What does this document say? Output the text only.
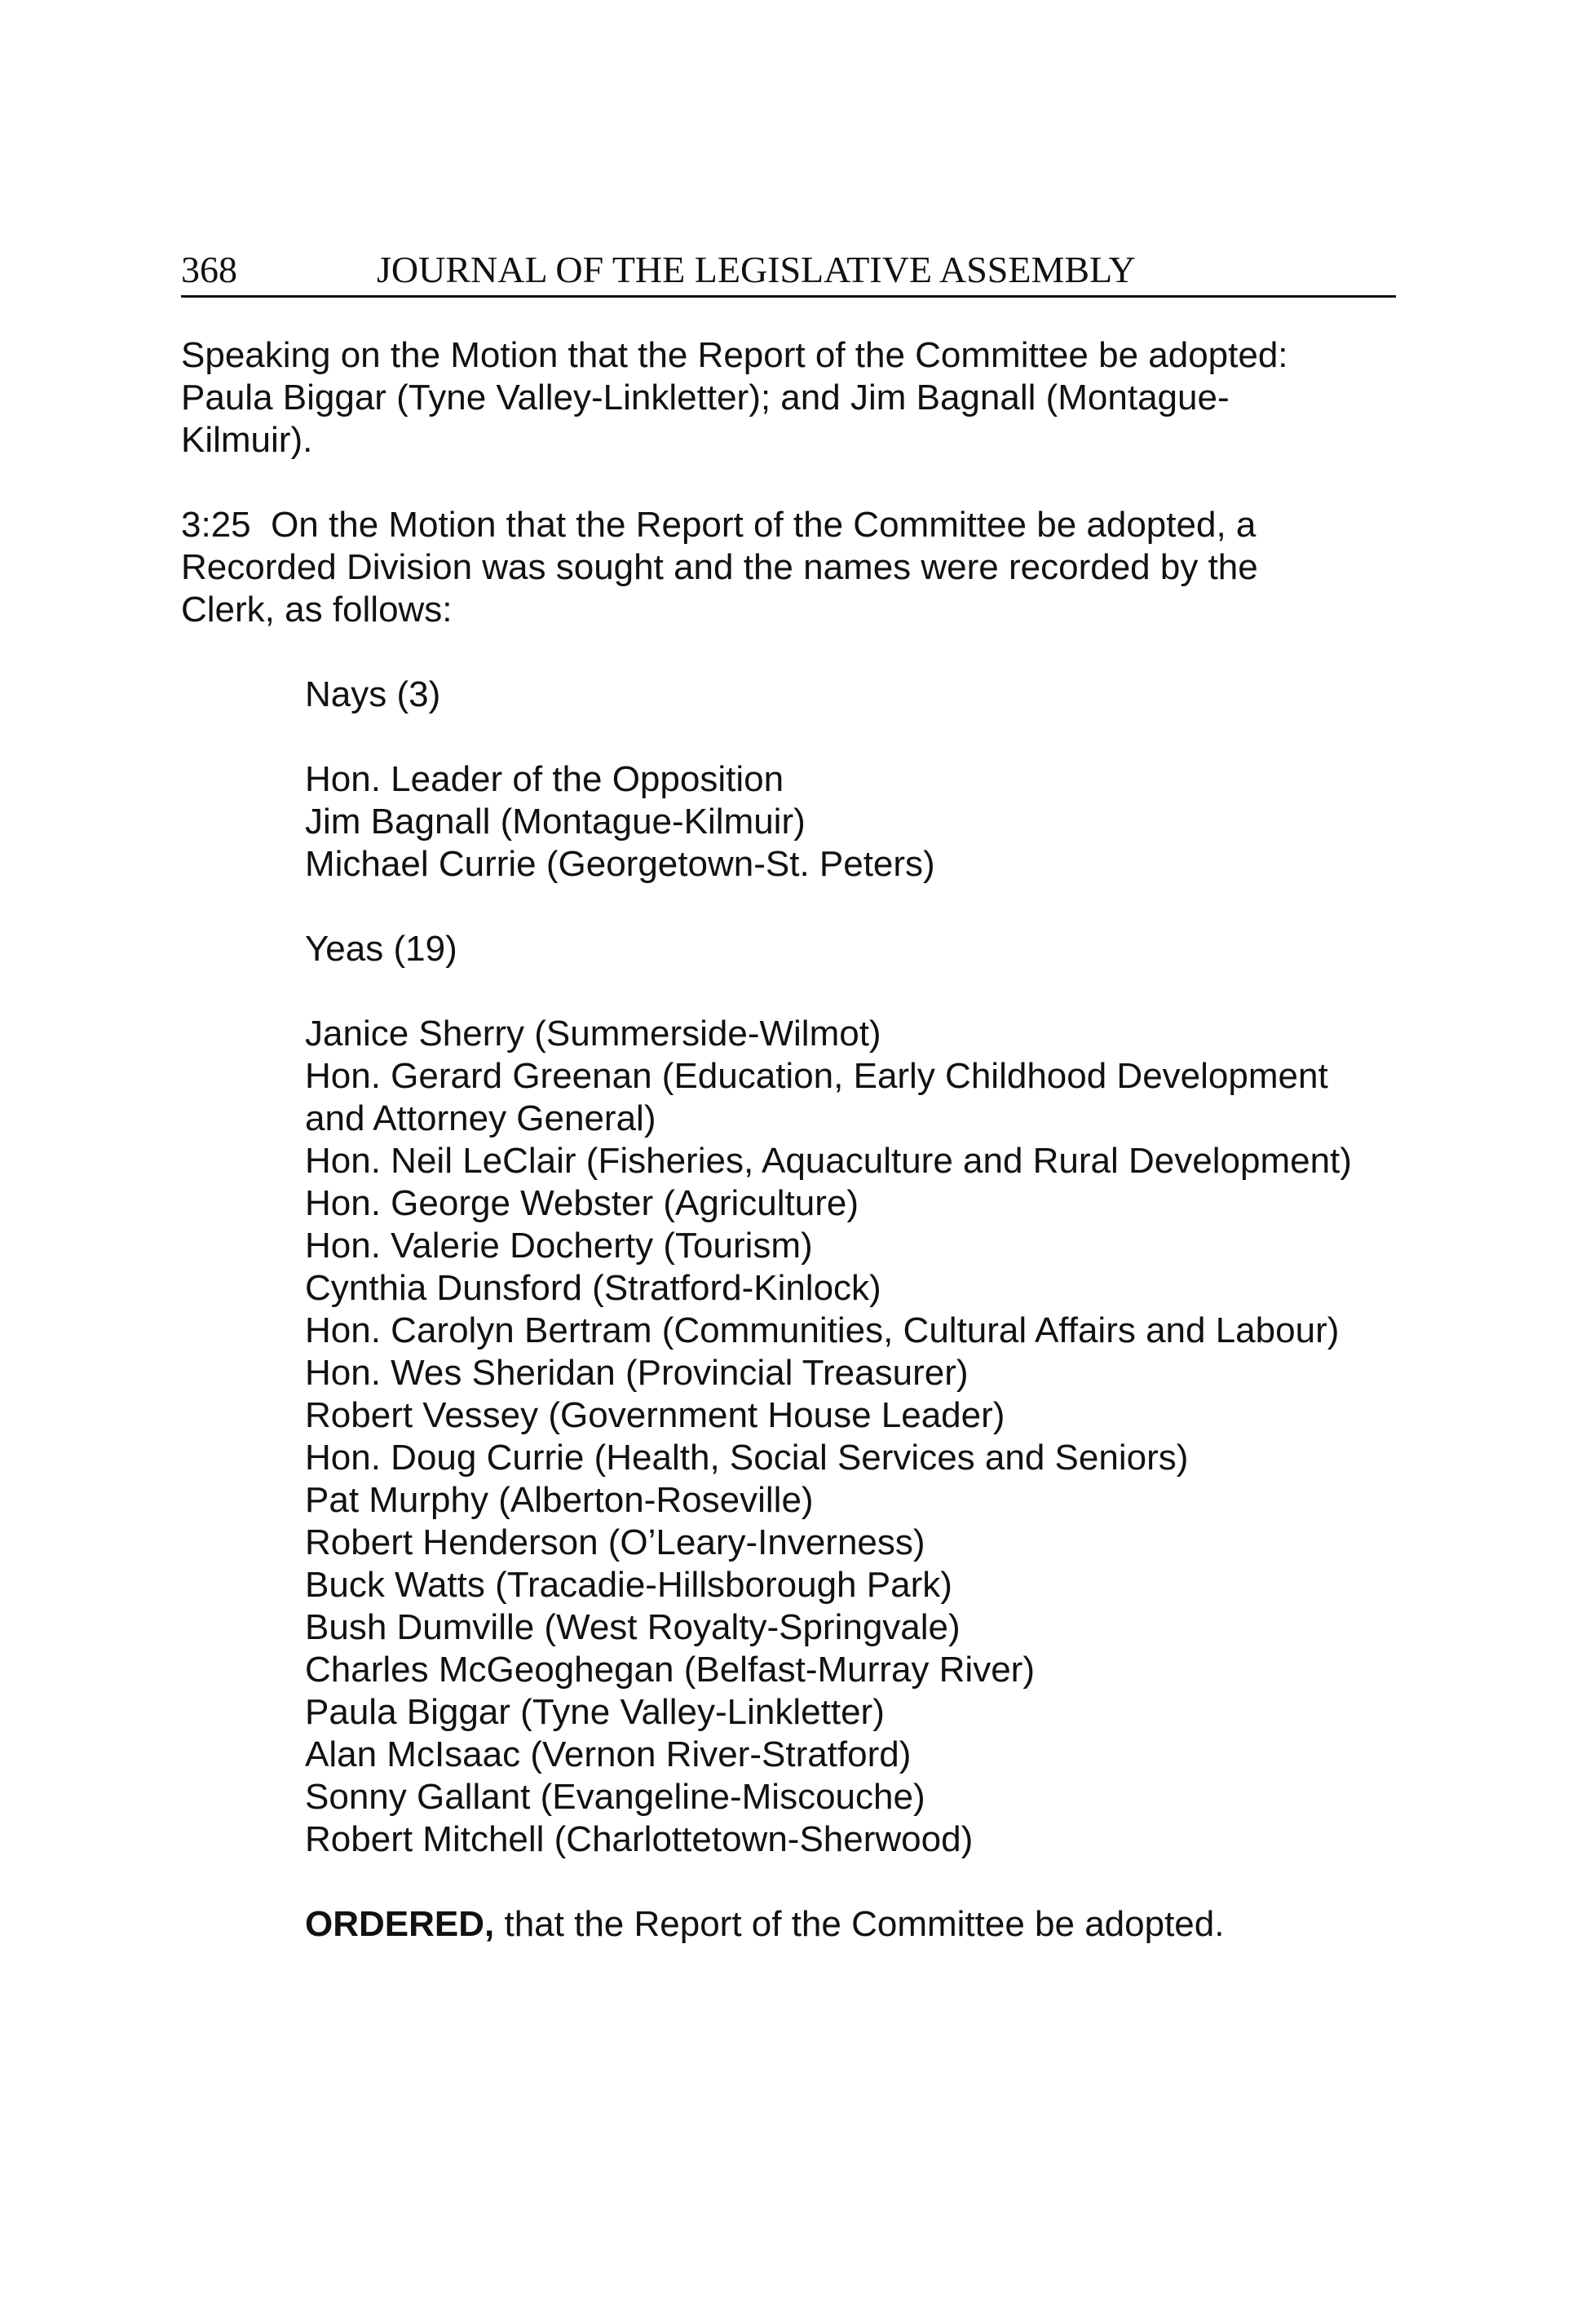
368	JOURNAL OF THE LEGISLATIVE ASSEMBLY

Speaking on the Motion that the Report of the Committee be adopted:
Paula Biggar (Tyne Valley-Linkletter); and Jim Bagnall (Montague-
Kilmuir).

3:25  On the Motion that the Report of the Committee be adopted, a
Recorded Division was sought and the names were recorded by the
Clerk, as follows:

Nays (3)

Hon. Leader of the Opposition
Jim Bagnall (Montague-Kilmuir)
Michael Currie (Georgetown-St. Peters)

Yeas (19)

Janice Sherry (Summerside-Wilmot)
Hon. Gerard Greenan (Education, Early Childhood Development
and Attorney General)
Hon. Neil LeClair (Fisheries, Aquaculture and Rural Development)
Hon. George Webster (Agriculture)
Hon. Valerie Docherty (Tourism)
Cynthia Dunsford (Stratford-Kinlock)
Hon. Carolyn Bertram (Communities, Cultural Affairs and Labour)
Hon. Wes Sheridan (Provincial Treasurer)
Robert Vessey (Government House Leader)
Hon. Doug Currie (Health, Social Services and Seniors)
Pat Murphy (Alberton-Roseville)
Robert Henderson (O’Leary-Inverness)
Buck Watts (Tracadie-Hillsborough Park)
Bush Dumville (West Royalty-Springvale)
Charles McGeoghegan (Belfast-Murray River)
Paula Biggar (Tyne Valley-Linkletter)
Alan McIsaac (Vernon River-Stratford)
Sonny Gallant (Evangeline-Miscouche)
Robert Mitchell (Charlottetown-Sherwood)

ORDERED, that the Report of the Committee be adopted.
